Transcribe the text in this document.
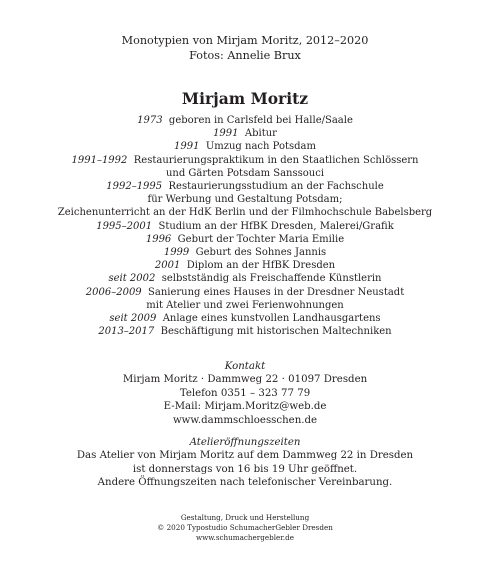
Monotypien von Mirjam Moritz, 2012–2020
Fotos: Annelie Brux
Mirjam Moritz
1973 geboren in Carlsfeld bei Halle/Saale
1991 Abitur
1991 Umzug nach Potsdam
1991–1992 Restaurierungspraktikum in den Staatlichen Schlössern
und Gärten Potsdam Sanssouci
1992–1995 Restaurierungsstudium an der Fachschule
für Werbung und Gestaltung Potsdam;
Zeichenunterricht an der HdK Berlin und der Filmhochschule Babelsberg
1995–2001 Studium an der HfBK Dresden, Malerei/Grafik
1996 Geburt der Tochter Maria Emilie
1999 Geburt des Sohnes Jannis
2001 Diplom an der HfBK Dresden
seit 2002 selbstständig als Freischaffende Künstlerin
2006–2009 Sanierung eines Hauses in der Dresdner Neustadt
mit Atelier und zwei Ferienwohnungen
seit 2009 Anlage eines kunstvollen Landhausgartens
2013–2017 Beschäftigung mit historischen Maltechniken
Kontakt
Mirjam Moritz · Dammweg 22 · 01097 Dresden
Telefon 0351 – 323 77 79
E-Mail: Mirjam.Moritz@web.de
www.dammschloesschen.de
Atelieröffnungszeiten
Das Atelier von Mirjam Moritz auf dem Dammweg 22 in Dresden
ist donnerstags von 16 bis 19 Uhr geöffnet.
Andere Öffnungszeiten nach telefonischer Vereinbarung.
Gestaltung, Druck und Herstellung
© 2020 Typostudio SchumacherGebler Dresden
www.schumachergebler.de
